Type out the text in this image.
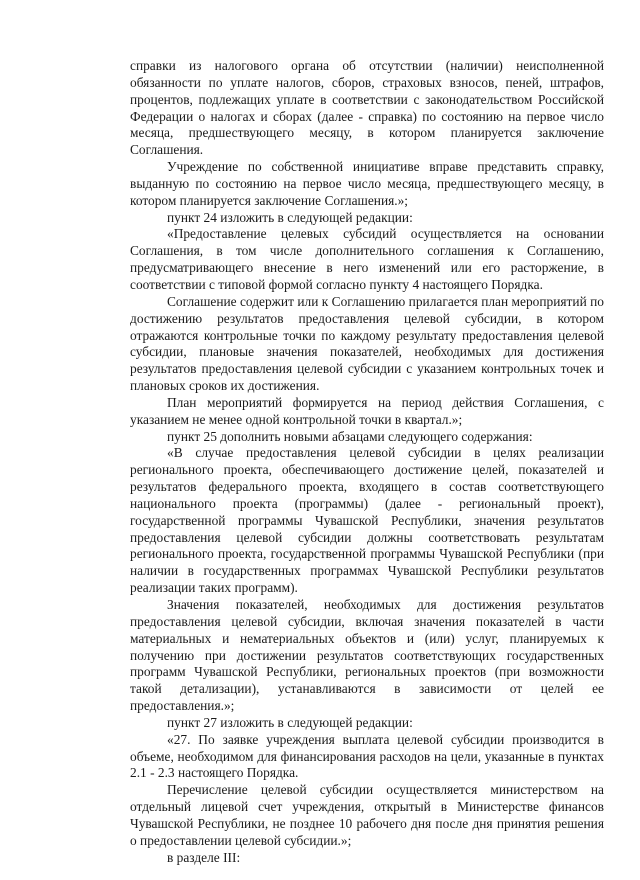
справки из налогового органа об отсутствии (наличии) неисполненной обязанности по уплате налогов, сборов, страховых взносов, пеней, штрафов, процентов, подлежащих уплате в соответствии с законодательством Российской Федерации о налогах и сборах (далее - справка) по состоянию на первое число месяца, предшествующего месяцу, в котором планируется заключение Соглашения.

Учреждение по собственной инициативе вправе представить справку, выданную по состоянию на первое число месяца, предшествующего месяцу, в котором планируется заключение Соглашения.»;

пункт 24 изложить в следующей редакции:

«Предоставление целевых субсидий осуществляется на основании Соглашения, в том числе дополнительного соглашения к Соглашению, предусматривающего внесение в него изменений или его расторжение, в соответствии с типовой формой согласно пункту 4 настоящего Порядка.

Соглашение содержит или к Соглашению прилагается план мероприятий по достижению результатов предоставления целевой субсидии, в котором отражаются контрольные точки по каждому результату предоставления целевой субсидии, плановые значения показателей, необходимых для достижения результатов предоставления целевой субсидии с указанием контрольных точек и плановых сроков их достижения.

План мероприятий формируется на период действия Соглашения, с указанием не менее одной контрольной точки в квартал.»;

пункт 25 дополнить новыми абзацами следующего содержания:

«В случае предоставления целевой субсидии в целях реализации регионального проекта, обеспечивающего достижение целей, показателей и результатов федерального проекта, входящего в состав соответствующего национального проекта (программы) (далее - региональный проект), государственной программы Чувашской Республики, значения результатов предоставления целевой субсидии должны соответствовать результатам регионального проекта, государственной программы Чувашской Республики (при наличии в государственных программах Чувашской Республики результатов реализации таких программ).

Значения показателей, необходимых для достижения результатов предоставления целевой субсидии, включая значения показателей в части материальных и нематериальных объектов и (или) услуг, планируемых к получению при достижении результатов соответствующих государственных программ Чувашской Республики, региональных проектов (при возможности такой детализации), устанавливаются в зависимости от целей ее предоставления.»;

пункт 27 изложить в следующей редакции:

«27. По заявке учреждения выплата целевой субсидии производится в объеме, необходимом для финансирования расходов на цели, указанные в пунктах 2.1 - 2.3 настоящего Порядка.

Перечисление целевой субсидии осуществляется министерством на отдельный лицевой счет учреждения, открытый в Министерстве финансов Чувашской Республики, не позднее 10 рабочего дня после дня принятия решения о предоставлении целевой субсидии.»;

в разделе III:
